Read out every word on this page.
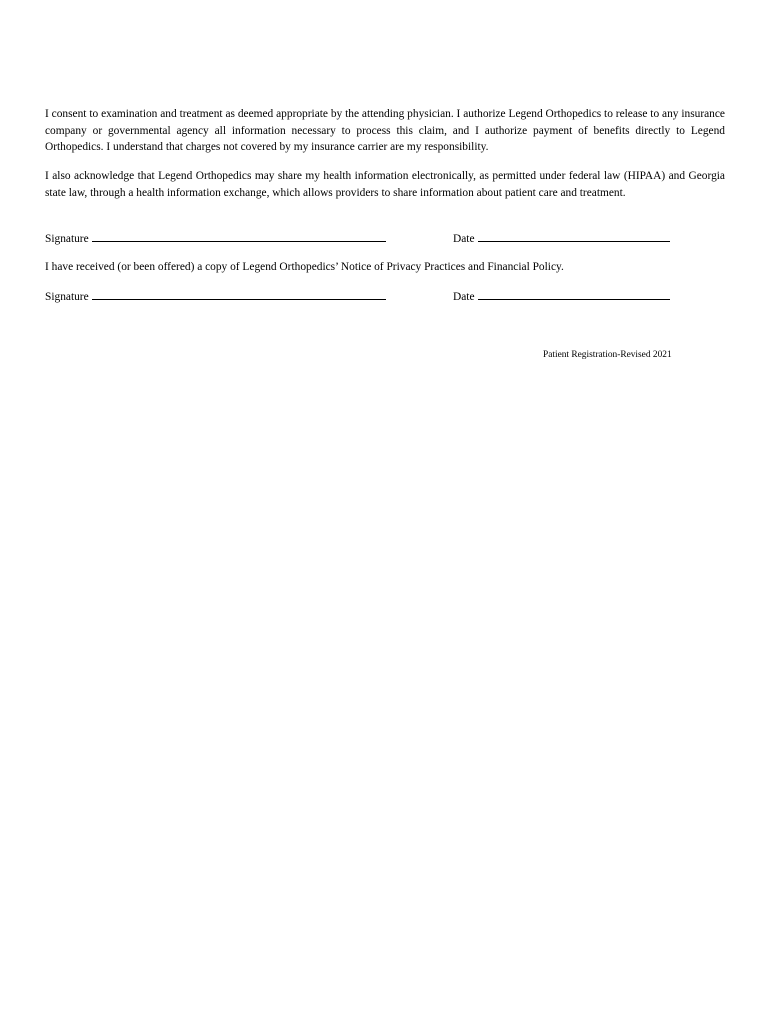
I consent to examination and treatment as deemed appropriate by the attending physician. I authorize Legend Orthopedics to release to any insurance company or governmental agency all information necessary to process this claim, and I authorize payment of benefits directly to Legend Orthopedics. I understand that charges not covered by my insurance carrier are my responsibility.

I also acknowledge that Legend Orthopedics may share my health information electronically, as permitted under federal law (HIPAA) and Georgia state law, through a health information exchange, which allows providers to share information about patient care and treatment.

Signature	Date

I have received (or been offered) a copy of Legend Orthopedics’ Notice of Privacy Practices and Financial Policy.

Signature	Date
Patient Registration-Revised 2021
